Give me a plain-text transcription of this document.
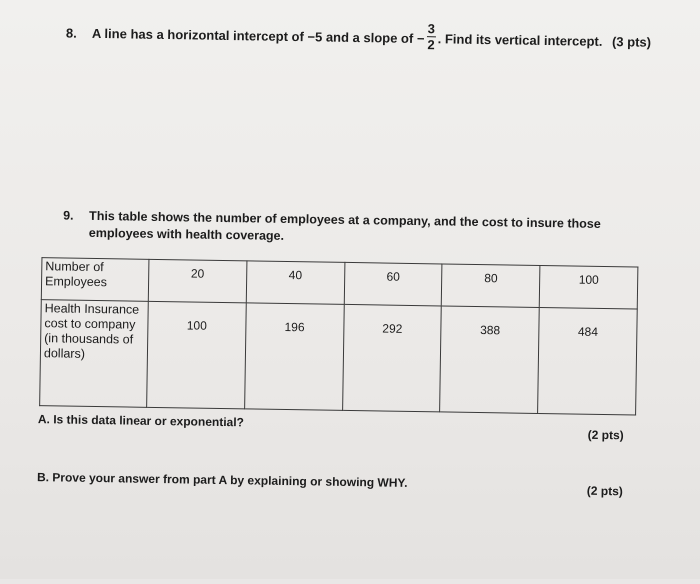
8. A line has a horizontal intercept of −5 and a slope of − $\frac{3}{2}$ . Find its vertical intercept. (3 pts)
9. This table shows the number of employees at a company, and the cost to insure those employees with health coverage.
Number of Employees	20	40	60	80	100
Health Insurance cost to company (in thousands of dollars)	100	196	292	388	484
A. Is this data linear or exponential?
(2 pts)
B. Prove your answer from part A by explaining or showing WHY.
(2 pts)
